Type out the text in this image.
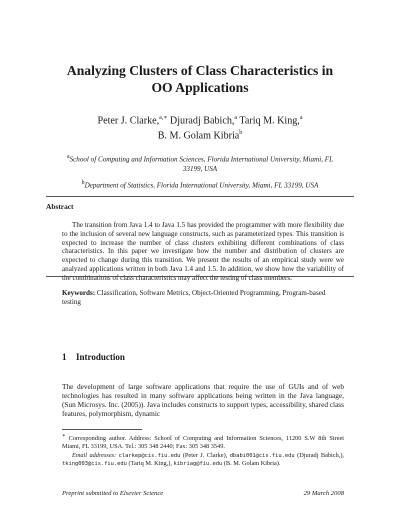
Analyzing Clusters of Class Characteristics in
OO Applications
Peter J. Clarke,$^{a,∗}$ Djuradj Babich,$^a$ Tariq M. King,$^a$
B. M. Golam Kibria$^b$
$^a$School of Computing and Information Sciences, Florida International University, Miami, FL 33199, USA
$^b$Department of Statistics, Florida International University, Miami, FL 33199, USA
Abstract
The transition from Java 1.4 to Java 1.5 has provided the programmer with more flexibility due to the inclusion of several new language constructs, such as parameterized types. This transition is expected to increase the number of class clusters exhibiting different combinations of class characteristics. In this paper we investigate how the number and distribution of clusters are expected to change during this transition. We present the results of an empirical study were we analyzed applications written in both Java 1.4 and 1.5. In addition, we show how the variability of the combinations of class characteristics may affect the testing of class members.
Keywords: Classification, Software Metrics, Object-Oriented Programming, Program-based testing
1 Introduction
The development of large software applications that require the use of GUIs and of web technologies has resulted in many software applications being written in the Java language, (Sun Microsys. Inc. (2005)). Java includes constructs to support types, accessibility, shared class features, polymorphism, dynamic
∗ Corresponding author. Address: School of Computing and Information Sciences, 11200 S.W 8th Street Miami, FL 33199, USA. Tel.: 305 348 2440; Fax: 305 348 3549.
Email addresses: clarkep@cis.fiu.edu (Peter J. Clarke), dbabi001@cis.fiu.edu (Djuradj Babich,), tking003@cis.fiu.edu (Tariq M. King,), kibriag@fiu.edu (B. M. Golam Kibria).
Preprint submitted to Elsevier Science	29 March 2008
